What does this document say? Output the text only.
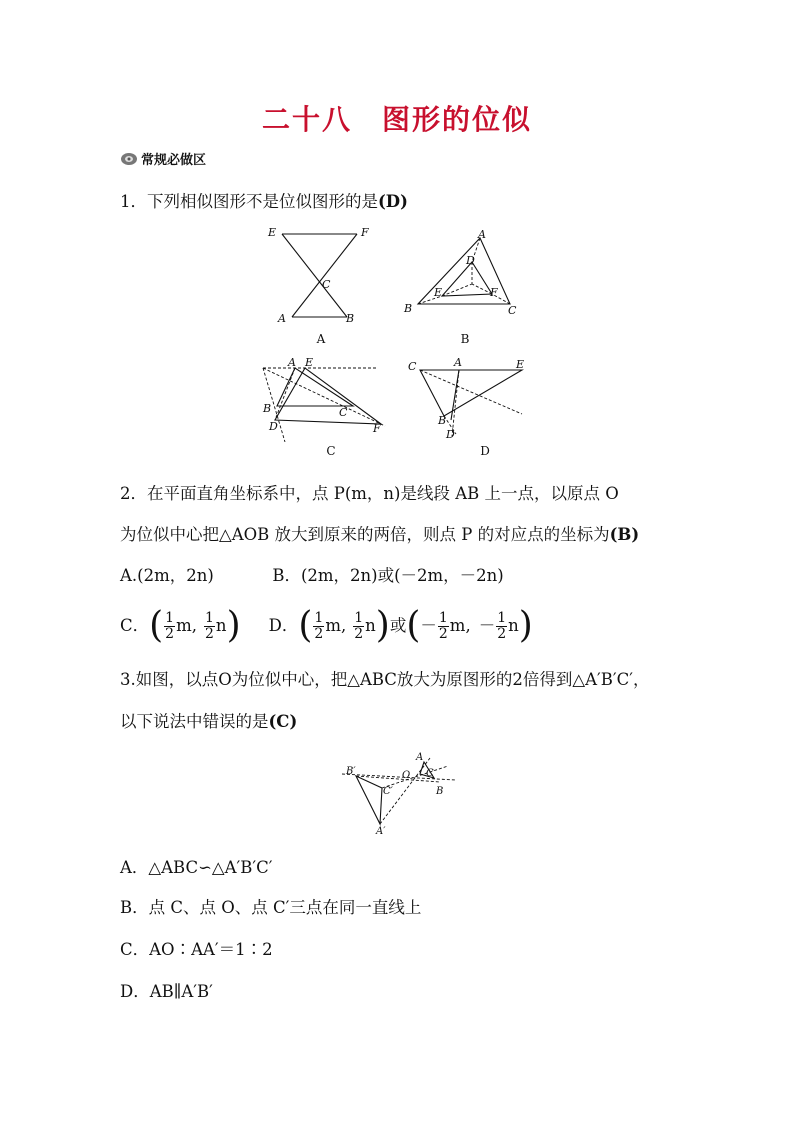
二十八　图形的位似
常规必做区
1．下列相似图形不是位似图形的是(D)
E	F
C
A	B
A
A
D
E	F
B	C
B
A E
B	C
D	F
C
C	A	E
B
D
D
2．在平面直角坐标系中，点 P(m，n)是线段 AB 上一点，以原点 O
为位似中心把△AOB 放大到原来的两倍，则点 P 的对应点的坐标为(B)
A.(2m，2n)	B．(2m，2n)或(－2m，－2n)
C． ( $\frac{1}{2} m$, $\frac{1}{2}$ n ) D． ( $\frac{1}{2} m$, $\frac{1}{2}$ n ) 或 ( － $\frac{1}{2} m$, － $\frac{1}{2}$ n )
3.如图，以点O为位似中心，把△ABC放大为原图形的2倍得到△A′B′C′，
以下说法中错误的是(C)
B′
C′
A′
O
A
C
B
A．△ABC∽△A′B′C′
B．点 C、点 O、点 C′三点在同一直线上
C．AO∶AA′＝1∶2
D．AB∥A′B′
